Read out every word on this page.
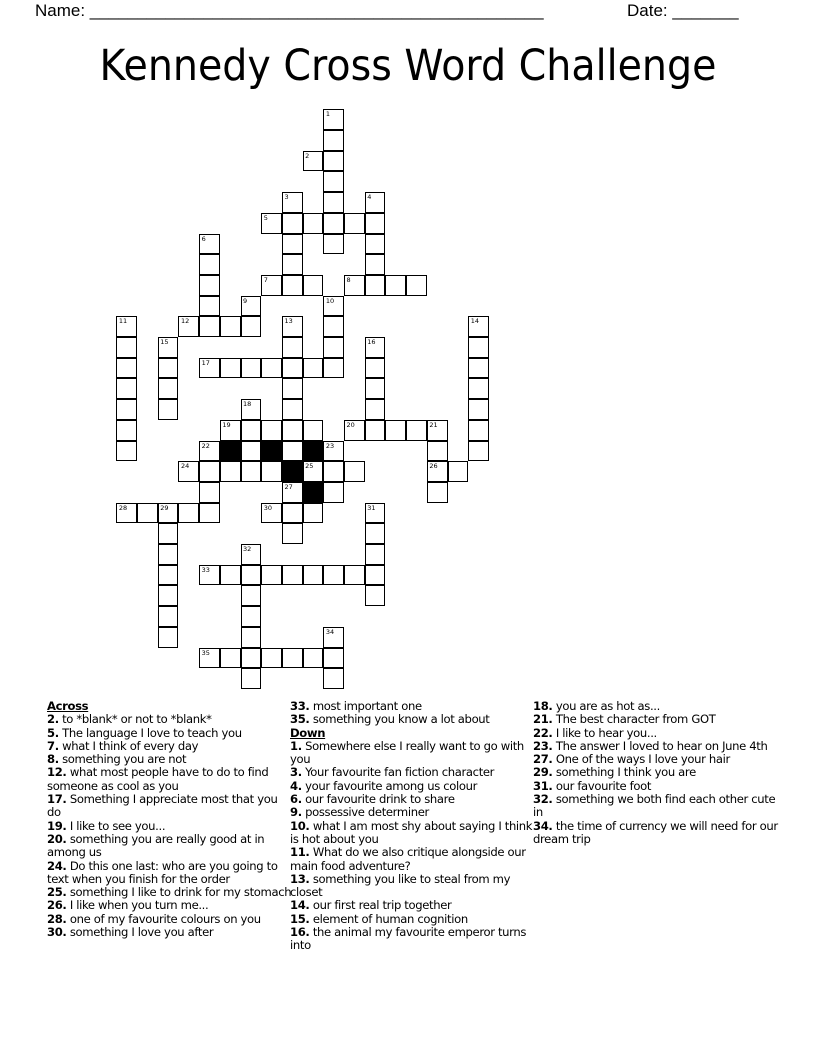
Name: ________________________________________________	Date: _______
Kennedy Cross Word Challenge
1
2
3	4
5
6
7	8
9	10
11	12	13	14
15	16
17
18
19	20	21
26
22	23
24	25
27
28	29	30	31
32
33
34
35
Across
2. to *blank* or not to *blank*
5. The language I love to teach you
7. what I think of every day
8. something you are not
12. what most people have to do to find someone as cool as you
17. Something I appreciate most that you do
19. I like to see you...
20. something you are really good at in among us
24. Do this one last: who are you going to text when you finish for the order
25. something I like to drink for my stomach
26. I like when you turn me...
28. one of my favourite colours on you
30. something I love you after
33. most important one
35. something you know a lot about
Down
1. Somewhere else I really want to go with you
3. Your favourite fan fiction character
4. your favourite among us colour
6. our favourite drink to share
9. possessive determiner
10. what I am most shy about saying I think is hot about you
11. What do we also critique alongside our main food adventure?
13. something you like to steal from my closet
14. our first real trip together
15. element of human cognition
16. the animal my favourite emperor turns into
18. you are as hot as...
21. The best character from GOT
22. I like to hear you...
23. The answer I loved to hear on June 4th
27. One of the ways I love your hair
29. something I think you are
31. our favourite foot
32. something we both find each other cute in
34. the time of currency we will need for our dream trip
